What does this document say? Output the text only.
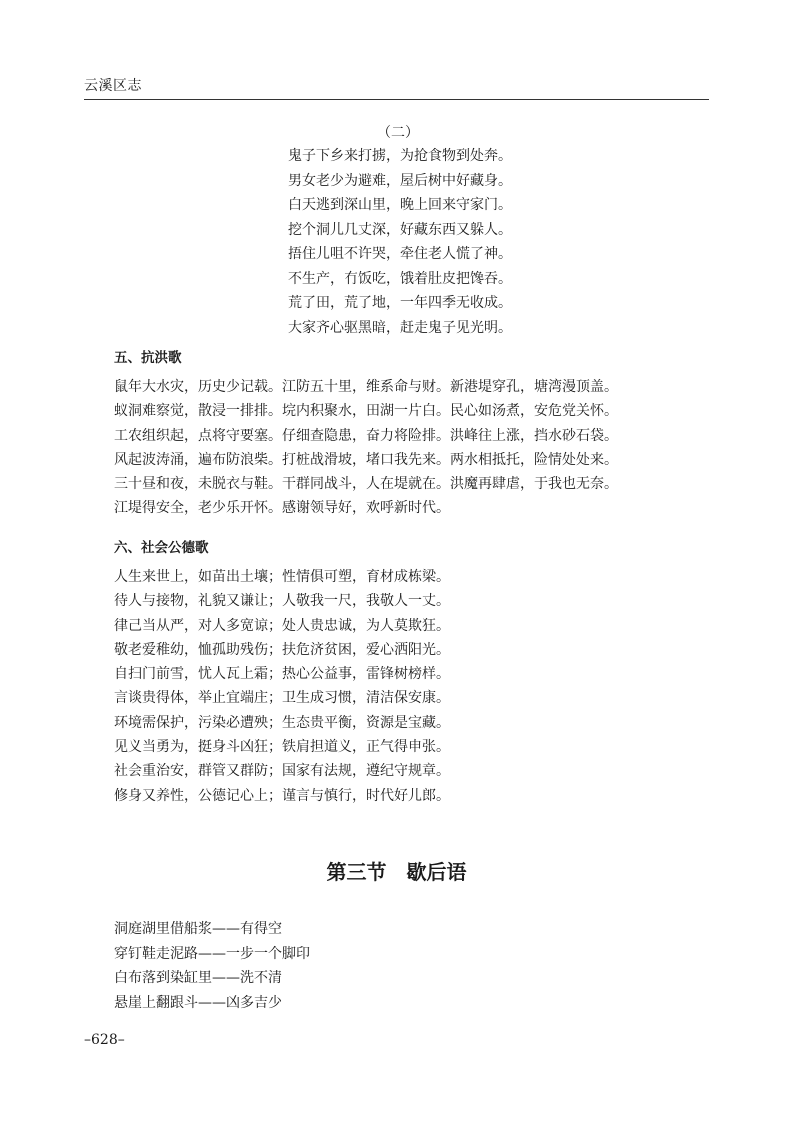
云溪区志
（二）
鬼子下乡来打掳，为抢食物到处奔。
男女老少为避难，屋后树中好藏身。
白天逃到深山里，晚上回来守家门。
挖个洞儿几丈深，好藏东西又躲人。
捂住儿咀不许哭，牵住老人慌了神。
不生产，冇饭吃，饿着肚皮把馋吞。
荒了田，荒了地，一年四季无收成。
大家齐心驱黑暗，赶走鬼子见光明。
五、抗洪歌
鼠年大水灾，历史少记载。江防五十里，维系命与财。新港堤穿孔，塘湾漫顶盖。
蚁洞难察觉，散浸一排排。垸内积聚水，田湖一片白。民心如汤煮，安危党关怀。
工农组织起，点将守要塞。仔细查隐患，奋力将险排。洪峰往上涨，挡水砂石袋。
风起波涛涌，遍布防浪柴。打桩战滑坡，堵口我先来。两水相抵托，险情处处来。
三十昼和夜，未脱衣与鞋。干群同战斗，人在堤就在。洪魔再肆虐，于我也无奈。
江堤得安全，老少乐开怀。感谢领导好，欢呼新时代。
六、社会公德歌
人生来世上，如苗出土壤；性情俱可塑，育材成栋梁。
待人与接物，礼貌又谦让；人敬我一尺，我敬人一丈。
律己当从严，对人多宽谅；处人贵忠诚，为人莫欺狂。
敬老爱稚幼，恤孤助残伤；扶危济贫困，爱心洒阳光。
自扫门前雪，忧人瓦上霜；热心公益事，雷锋树榜样。
言谈贵得体，举止宜端庄；卫生成习惯，清洁保安康。
环境需保护，污染必遭殃；生态贵平衡，资源是宝藏。
见义当勇为，挺身斗凶狂；铁肩担道义，正气得申张。
社会重治安，群管又群防；国家有法规，遵纪守规章。
修身又养性，公德记心上；谨言与慎行，时代好儿郎。
第三节　歇后语
洞庭湖里借船浆——有得空
穿钉鞋走泥路——一步一个脚印
白布落到染缸里——洗不清
悬崖上翻跟斗——凶多吉少
–628–
